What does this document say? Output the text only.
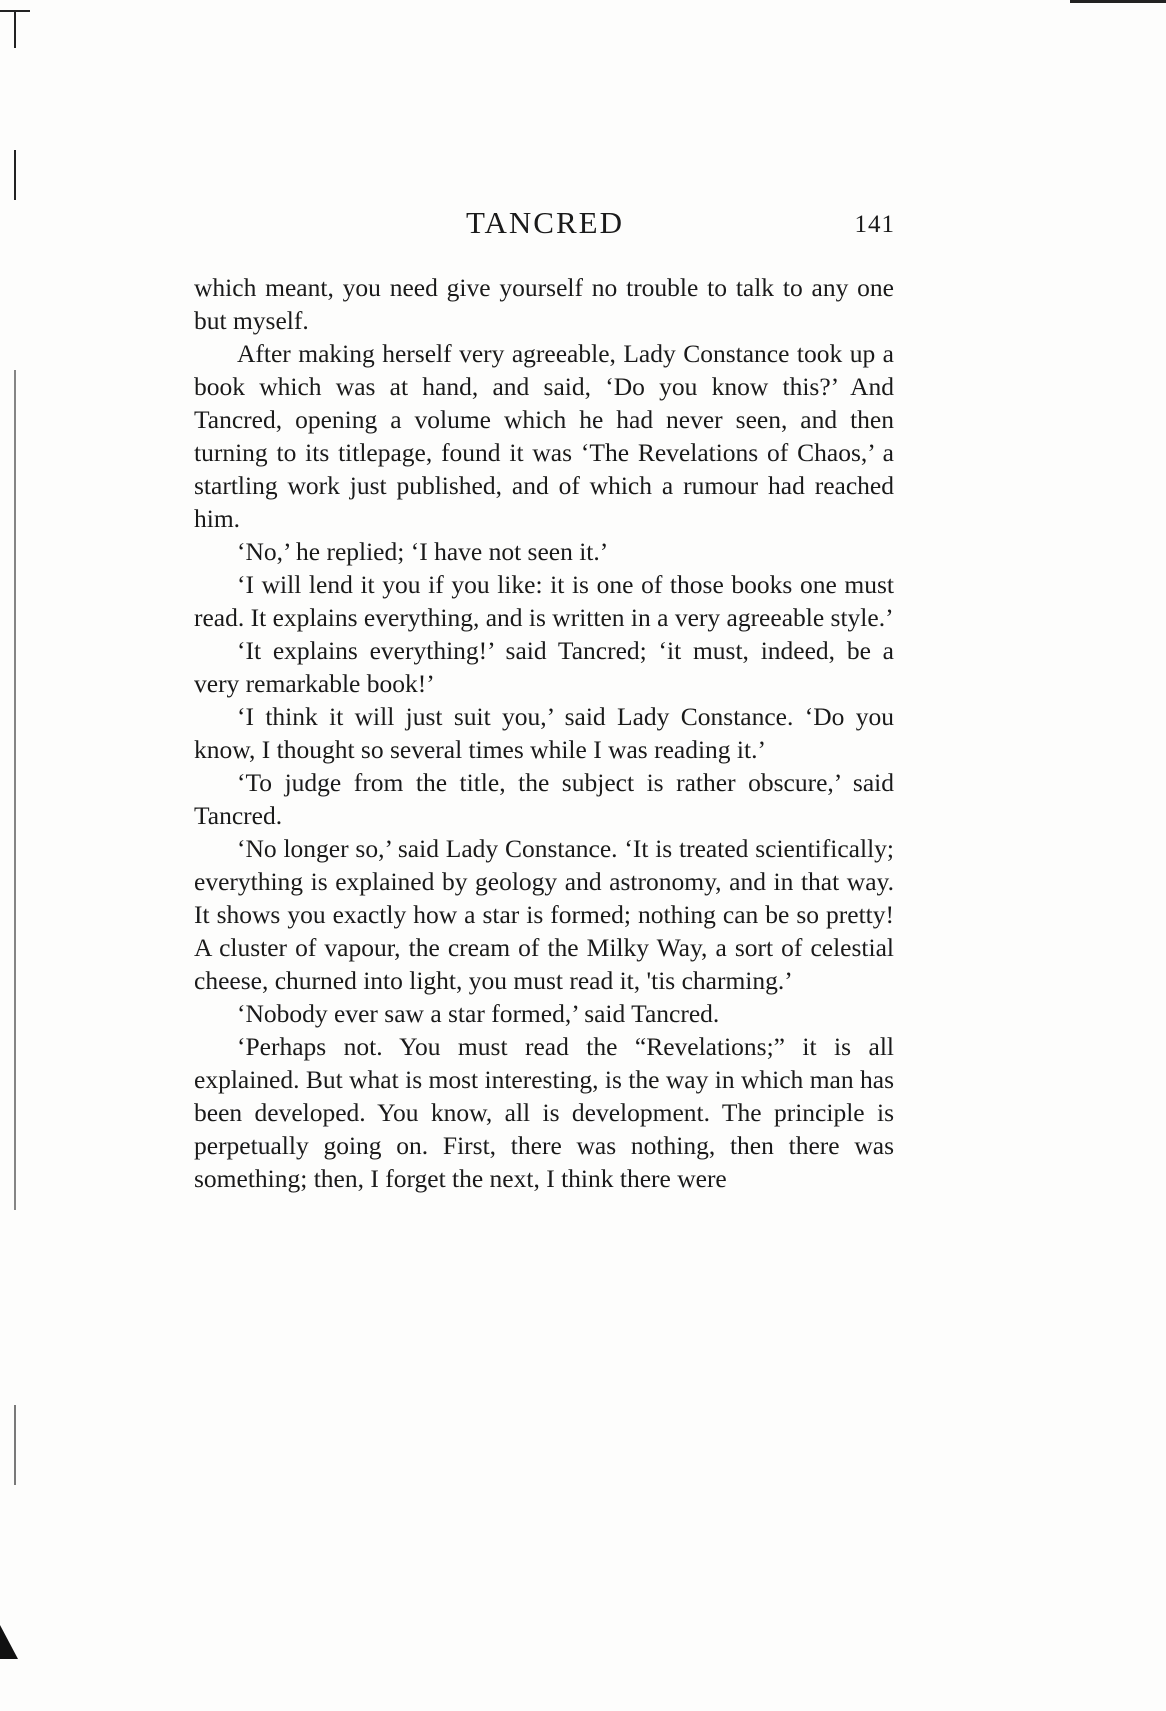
TANCRED	141

which meant, you need give yourself no trouble to talk to any one but myself.

After making herself very agreeable, Lady Constance took up a book which was at hand, and said, ‘Do you know this?’ And Tancred, opening a volume which he had never seen, and then turning to its titlepage, found it was ‘The Revelations of Chaos,’ a startling work just published, and of which a rumour had reached him.

‘No,’ he replied; ‘I have not seen it.’

‘I will lend it you if you like: it is one of those books one must read. It explains everything, and is written in a very agreeable style.’

‘It explains everything!’ said Tancred; ‘it must, indeed, be a very remarkable book!’

‘I think it will just suit you,’ said Lady Constance. ‘Do you know, I thought so several times while I was reading it.’

‘To judge from the title, the subject is rather obscure,’ said Tancred.

‘No longer so,’ said Lady Constance. ‘It is treated scientifically; everything is explained by geology and astronomy, and in that way. It shows you exactly how a star is formed; nothing can be so pretty! A cluster of vapour, the cream of the Milky Way, a sort of celestial cheese, churned into light, you must read it, 'tis charming.’

‘Nobody ever saw a star formed,’ said Tancred.

‘Perhaps not. You must read the “Revelations;” it is all explained. But what is most interesting, is the way in which man has been developed. You know, all is development. The principle is perpetually going on. First, there was nothing, then there was something; then, I forget the next, I think there were
